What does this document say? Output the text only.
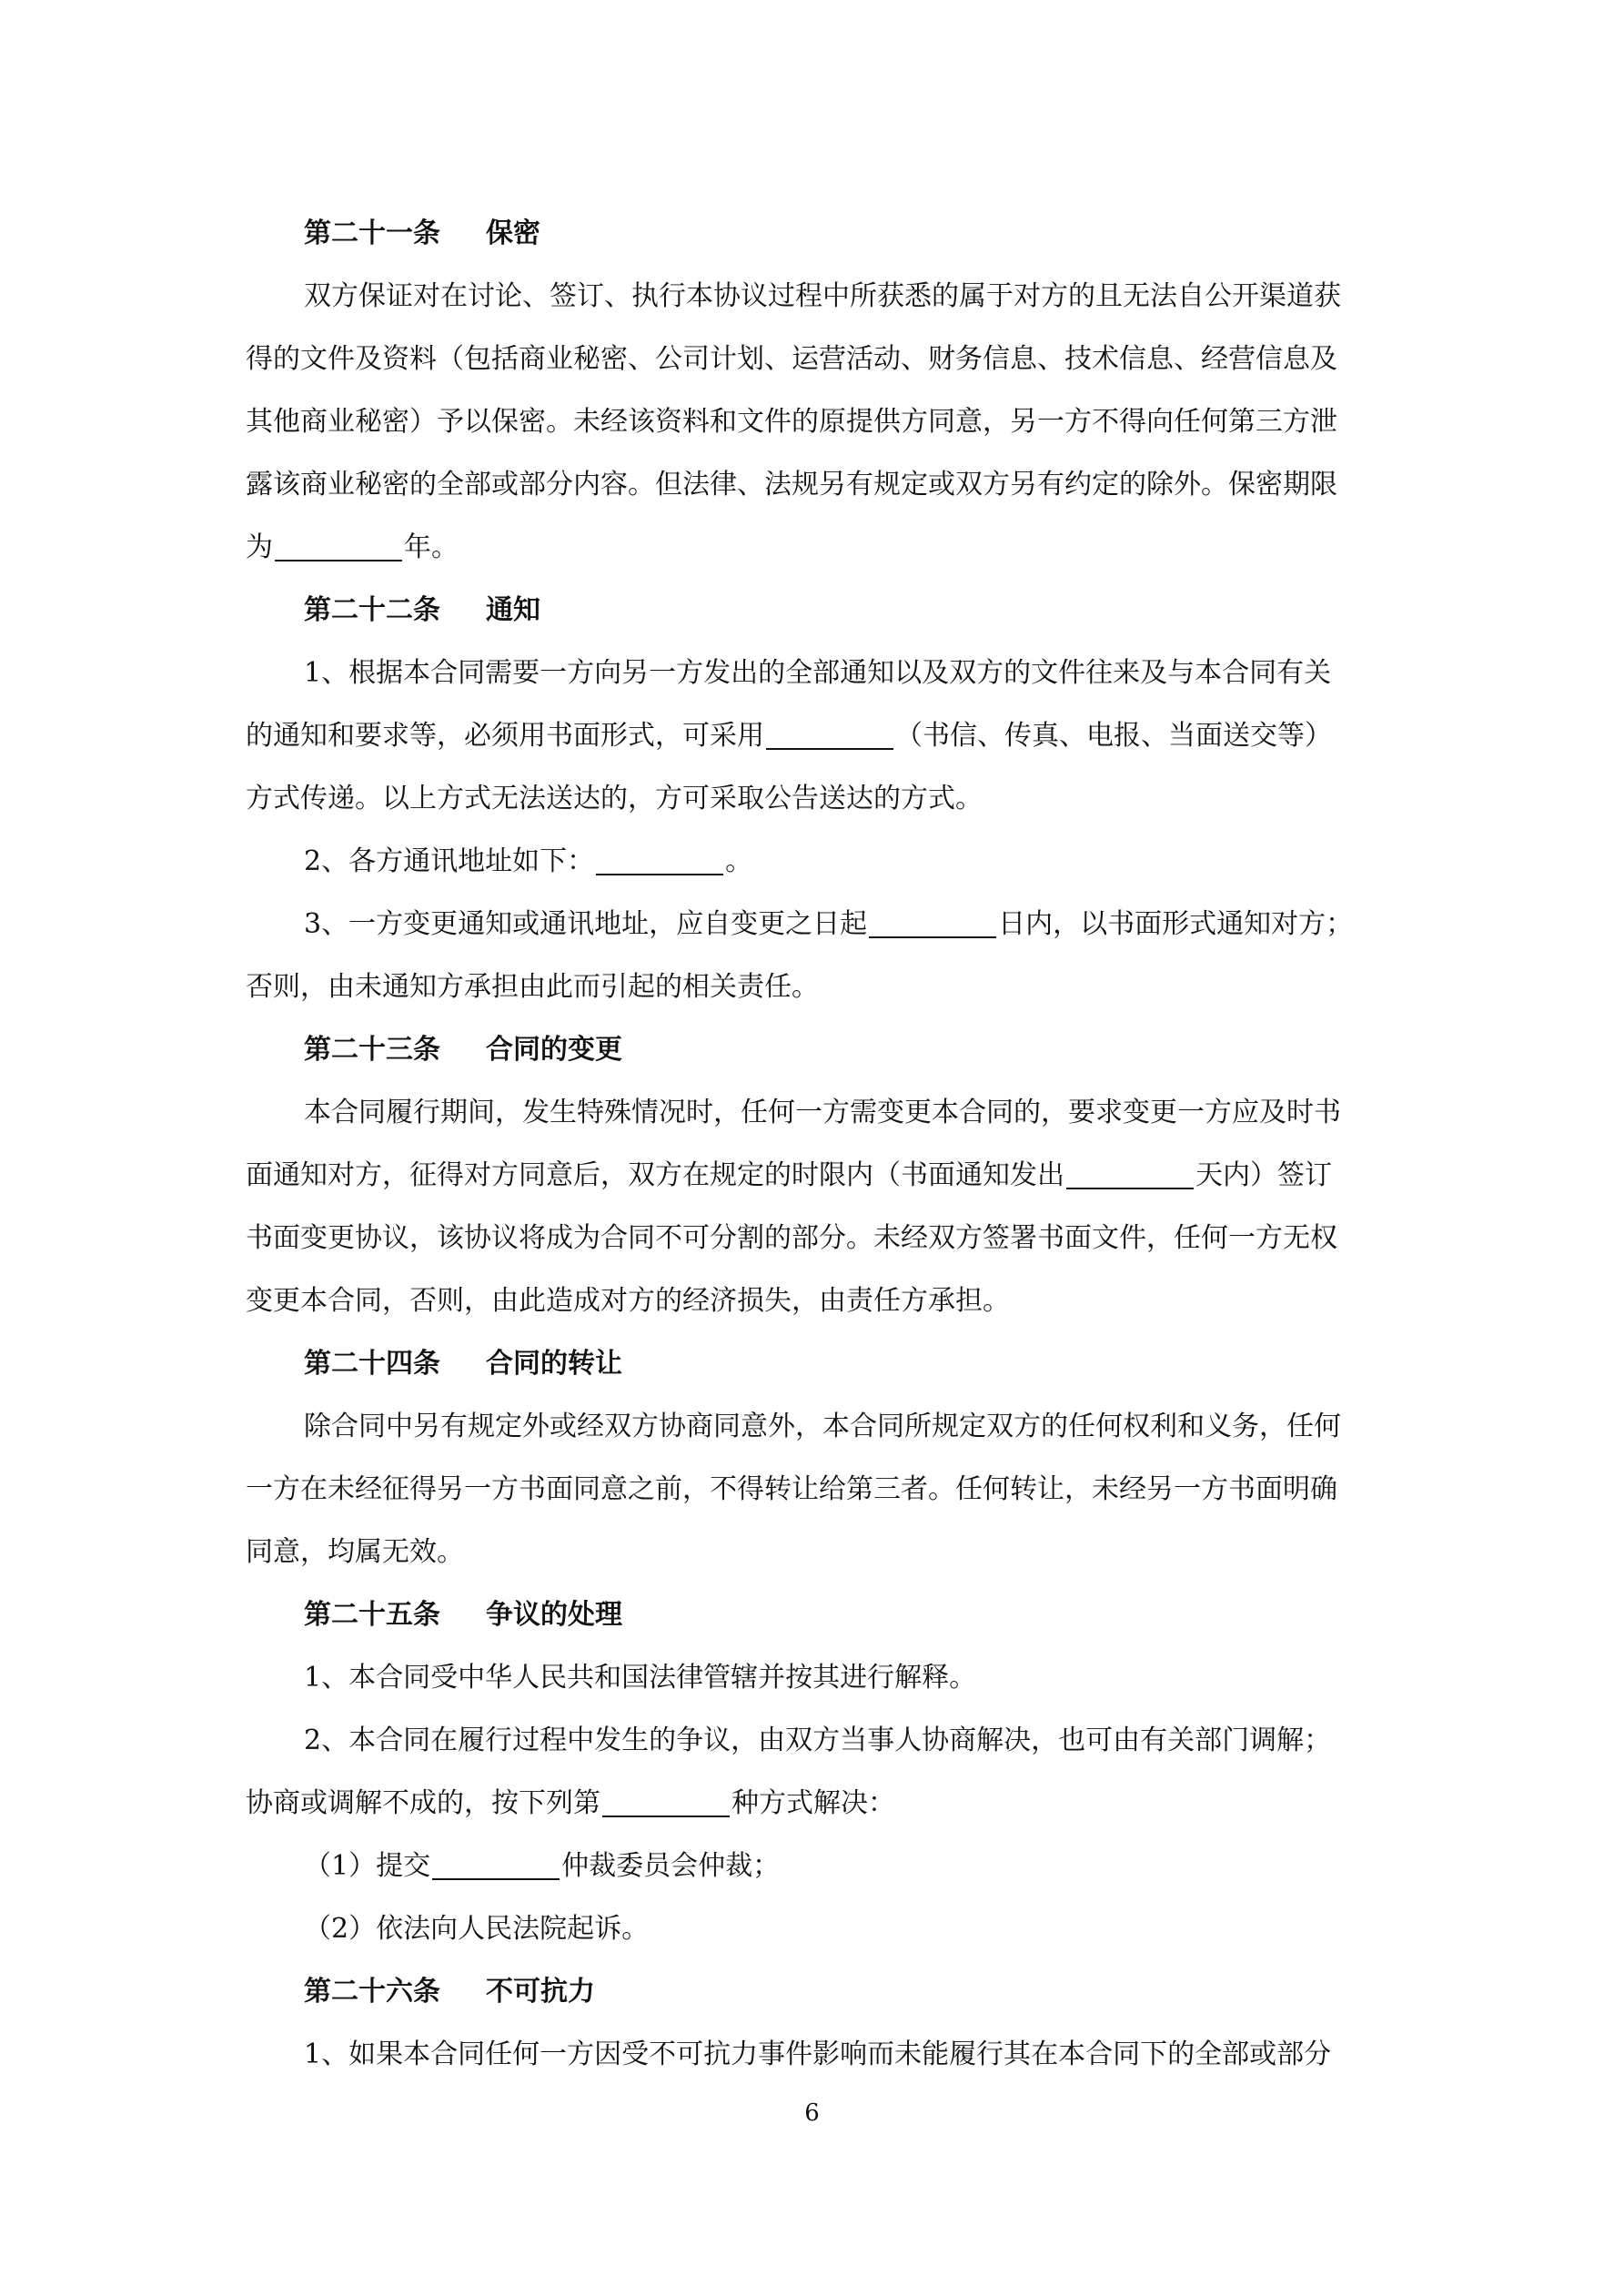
第二十一条 保密
双方保证对在讨论、签订、执行本协议过程中所获悉的属于对方的且无法自公开渠道获
得的文件及资料（包括商业秘密、公司计划、运营活动、财务信息、技术信息、经营信息及
其他商业秘密）予以保密。未经该资料和文件的原提供方同意，另一方不得向任何第三方泄
露该商业秘密的全部或部分内容。但法律、法规另有规定或双方另有约定的除外。保密期限
为	年。
第二十二条 通知
1、根据本合同需要一方向另一方发出的全部通知以及双方的文件往来及与本合同有关
的通知和要求等，必须用书面形式，可采用	（书信、传真、电报、当面送交等）
方式传递。以上方式无法送达的，方可采取公告送达的方式。
2、各方通讯地址如下：	。
3、一方变更通知或通讯地址，应自变更之日起	日内，以书面形式通知对方；
否则，由未通知方承担由此而引起的相关责任。
第二十三条 合同的变更
本合同履行期间，发生特殊情况时，任何一方需变更本合同的，要求变更一方应及时书
面通知对方，征得对方同意后，双方在规定的时限内（书面通知发出	天内）签订
书面变更协议，该协议将成为合同不可分割的部分。未经双方签署书面文件，任何一方无权
变更本合同，否则，由此造成对方的经济损失，由责任方承担。
第二十四条 合同的转让
除合同中另有规定外或经双方协商同意外，本合同所规定双方的任何权利和义务，任何
一方在未经征得另一方书面同意之前，不得转让给第三者。任何转让，未经另一方书面明确
同意，均属无效。
第二十五条 争议的处理
1、本合同受中华人民共和国法律管辖并按其进行解释。
2、本合同在履行过程中发生的争议，由双方当事人协商解决，也可由有关部门调解；
协商或调解不成的，按下列第	种方式解决：
（1）提交	仲裁委员会仲裁；
（2）依法向人民法院起诉。
第二十六条 不可抗力
1、如果本合同任何一方因受不可抗力事件影响而未能履行其在本合同下的全部或部分
6
